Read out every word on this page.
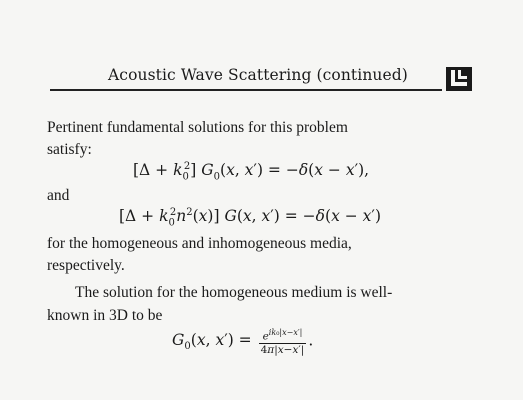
Acoustic Wave Scattering (continued)
Pertinent fundamental solutions for this problem
satisfy:
$[\Delta + k_0^2]$ $G_0(x$, x′) = −δ(x − x′),
and
$[\Delta + k_0^2n^2(x)]$ G(x, x′) = −δ(x − x′)
for the homogeneous and inhomogeneous media,
respectively.
The solution for the homogeneous medium is well-
known in 3D to be
$G_0(x$, $x') = \frac{e^{ik_0|x-x'|}}{4\pi|x-x'|}$ .
